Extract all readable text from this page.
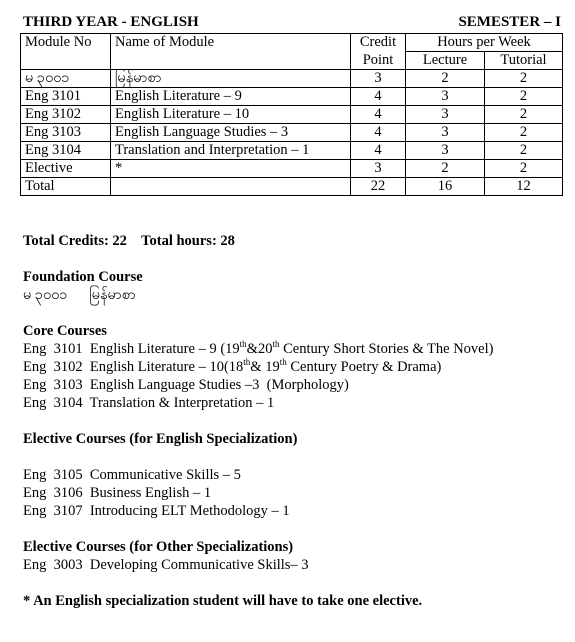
THIRD YEAR - ENGLISH	SEMESTER – I
Module No	Name of Module	Credit	Hours per Week	
		Point	Lecture	Tutorial
မ ၃၀၀၁	မြန်မာစာ	3	2	2
Eng 3101	English Literature – 9	4	3	2
Eng 3102	English Literature – 10	4	3	2
Eng 3103	English Language Studies – 3	4	3	2
Eng 3104	Translation and Interpretation – 1	4	3	2
Elective	*	3	2	2
Total		22	16	12
Total Credits: 22    Total hours: 28
Foundation Course
မ ၃၀၀၁      မြန်မာစာ
Core Courses
Eng  3101  English Literature – 9 (19th&20th Century Short Stories & The Novel)
Eng  3102  English Literature – 10(18th& 19th Century Poetry & Drama)
Eng  3103  English Language Studies –3  (Morphology)
Eng  3104  Translation & Interpretation – 1
Elective Courses (for English Specialization)
Eng  3105  Communicative Skills – 5
Eng  3106  Business English – 1
Eng  3107  Introducing ELT Methodology – 1
Elective Courses (for Other Specializations)
Eng  3003  Developing Communicative Skills– 3
* An English specialization student will have to take one elective.
